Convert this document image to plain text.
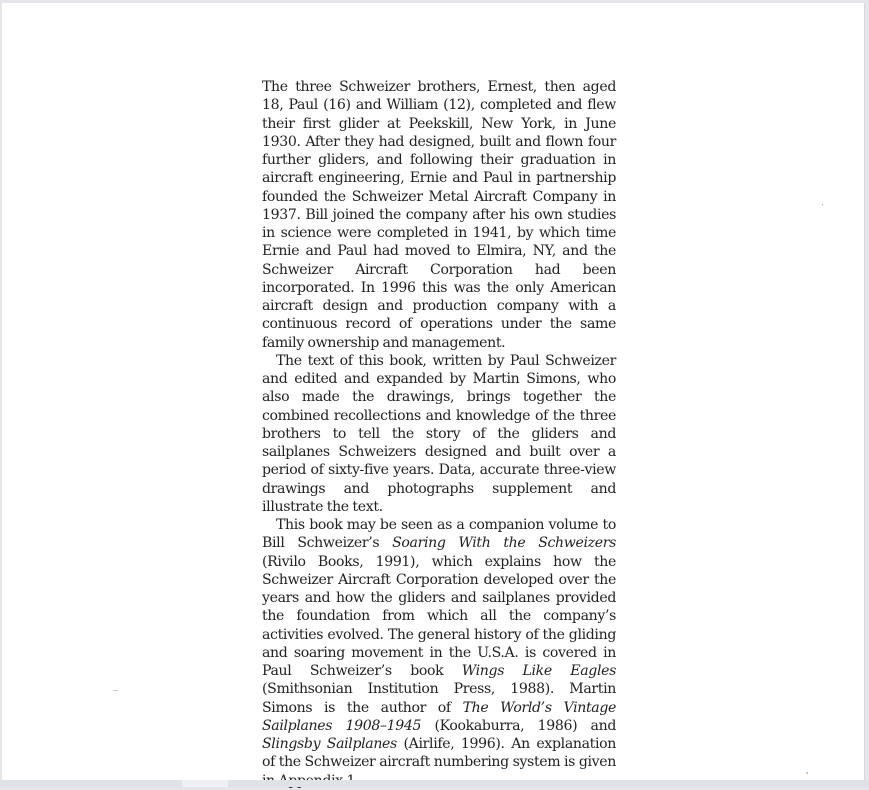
The three Schweizer brothers, Ernest, then aged 18, Paul (16) and William (12), completed and flew their first glider at Peekskill, New York, in June 1930. After they had designed, built and flown four further gliders, and following their graduation in aircraft engineering, Ernie and Paul in partnership founded the Schweizer Metal Aircraft Company in 1937. Bill joined the company after his own studies in science were completed in 1941, by which time Ernie and Paul had moved to Elmira, NY, and the Schweizer Aircraft Corporation had been incorporated. In 1996 this was the only American aircraft design and production company with a continuous record of operations under the same family ownership and management.

The text of this book, written by Paul Schweizer and edited and expanded by Martin Simons, who also made the drawings, brings together the combined recollections and knowledge of the three brothers to tell the story of the gliders and sailplanes Schweizers designed and built over a period of sixty-five years. Data, accurate three-view drawings and photographs supplement and illustrate the text.

This book may be seen as a companion volume to Bill Schweizer’s Soaring With the Schweizers (Rivilo Books, 1991), which explains how the Schweizer Aircraft Corporation developed over the years and how the gliders and sailplanes provided the foundation from which all the company’s activities evolved. The general history of the gliding and soaring movement in the U.S.A. is covered in Paul Schweizer’s book Wings Like Eagles (Smithsonian Institution Press, 1988). Martin Simons is the author of The World’s Vintage Sailplanes 1908–1945 (Kookaburra, 1986) and Slingsby Sailplanes (Airlife, 1996). An explanation of the Schweizer aircraft numbering system is given
